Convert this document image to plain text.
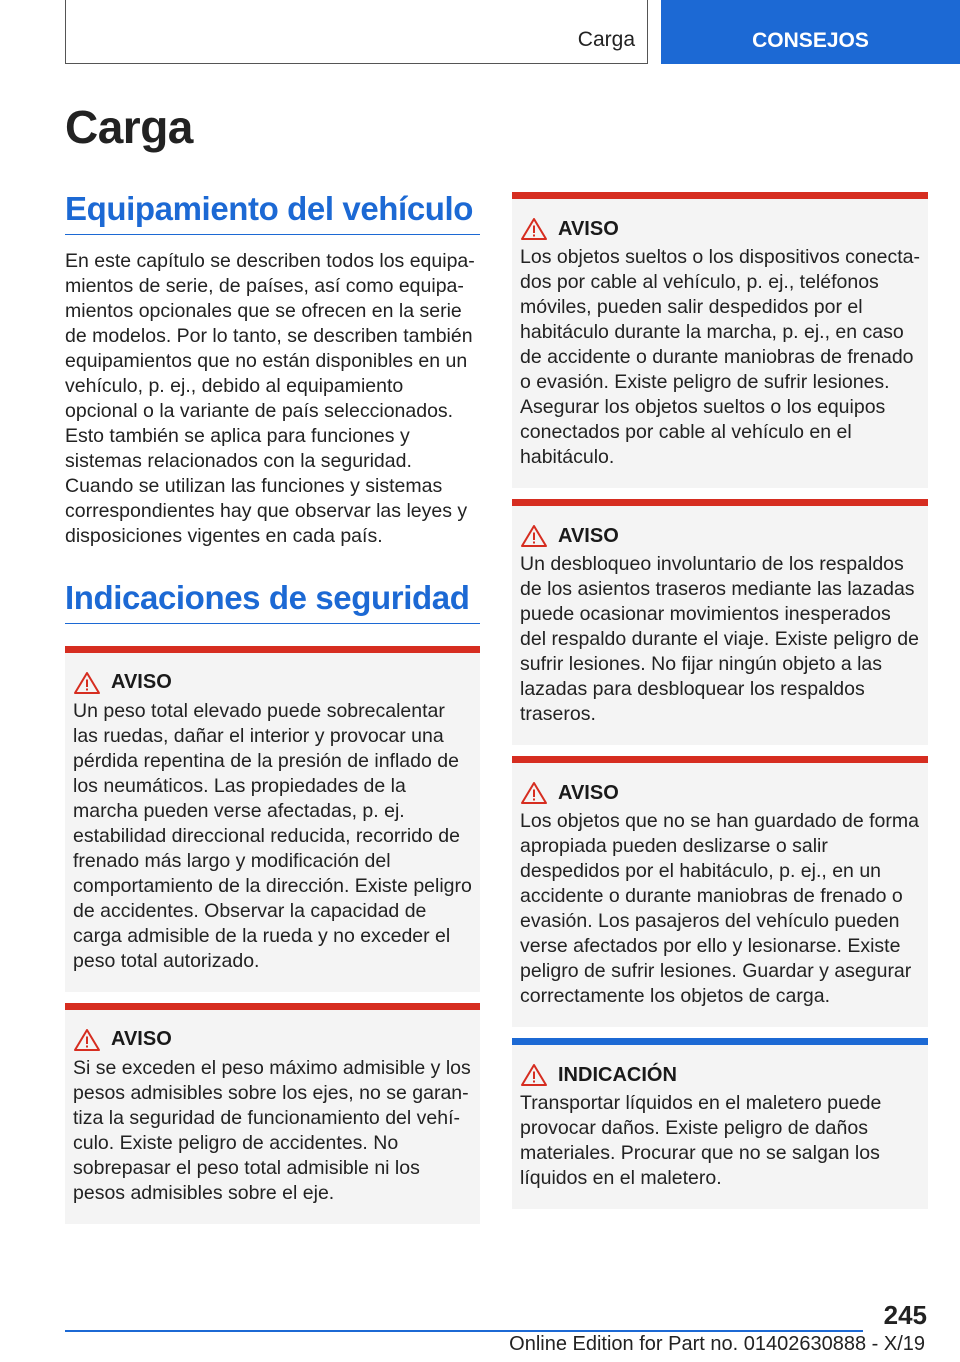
Carga	CONSEJOS
Carga
Equipamiento del vehículo

En este capítulo se describen todos los equipamientos de serie, de países, así como equipamientos opcionales que se ofrecen en la serie de modelos. Por lo tanto, se describen también equipamientos que no están disponibles en un vehículo, p. ej., debido al equipamiento opcional o la variante de país seleccionados. Esto también se aplica para funciones y sistemas relacionados con la seguridad. Cuando se utilizan las funciones y sistemas correspondientes hay que observar las leyes y disposiciones vigentes en cada país.

Indicaciones de seguridad
AVISO

Un peso total elevado puede sobrecalentar las ruedas, dañar el interior y provocar una pérdida repentina de la presión de inflado de los neumáticos. Las propiedades de la marcha pueden verse afectadas, p. ej. estabilidad direccional reducida, recorrido de frenado más largo y modificación del comportamiento de la dirección. Existe peligro de accidentes. Observar la capacidad de carga admisible de la rueda y no exceder el peso total autorizado.

AVISO

Si se exceden el peso máximo admisible y los pesos admisibles sobre los ejes, no se garantiza la seguridad de funcionamiento del vehículo. Existe peligro de accidentes. No sobrepasar el peso total admisible ni los pesos admisibles sobre el eje.

AVISO

Los objetos sueltos o los dispositivos conectados por cable al vehículo, p. ej., teléfonos móviles, pueden salir despedidos por el habitáculo durante la marcha, p. ej., en caso de accidente o durante maniobras de frenado o evasión. Existe peligro de sufrir lesiones. Asegurar los objetos sueltos o los equipos conectados por cable al vehículo en el habitáculo.

AVISO

Un desbloqueo involuntario de los respaldos de los asientos traseros mediante las lazadas puede ocasionar movimientos inesperados del respaldo durante el viaje. Existe peligro de sufrir lesiones. No fijar ningún objeto a las lazadas para desbloquear los respaldos traseros.

AVISO

Los objetos que no se han guardado de forma apropiada pueden deslizarse o salir despedidos por el habitáculo, p. ej., en un accidente o durante maniobras de frenado o evasión. Los pasajeros del vehículo pueden verse afectados por ello y lesionarse. Existe peligro de sufrir lesiones. Guardar y asegurar correctamente los objetos de carga.

INDICACIÓN

Transportar líquidos en el maletero puede provocar daños. Existe peligro de daños materiales. Procurar que no se salgan los líquidos en el maletero.

245
Online Edition for Part no. 01402630888 - X/19
